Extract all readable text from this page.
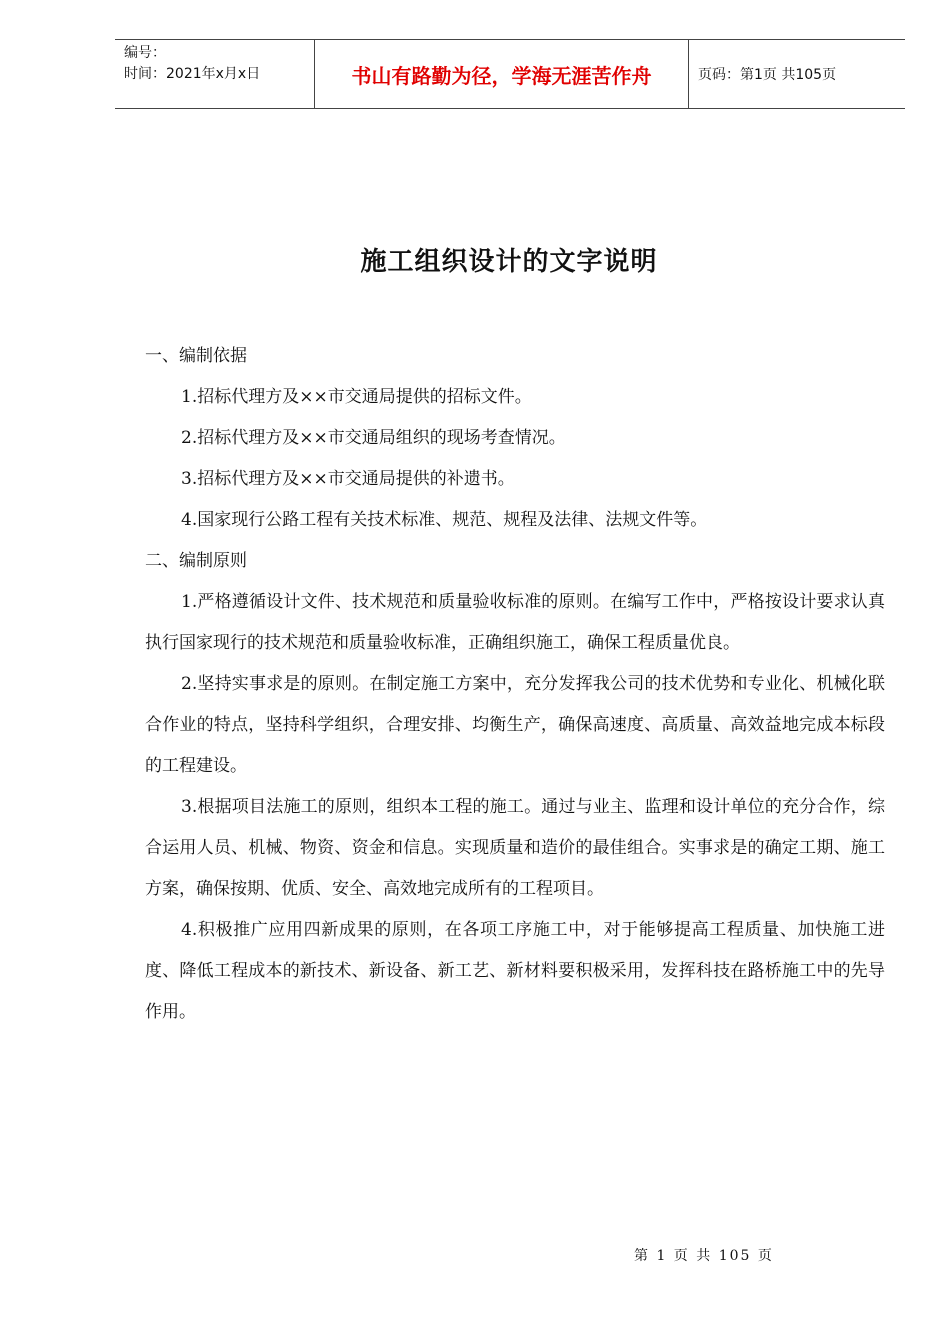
编号：
时间：2021年x月x日	书山有路勤为径，学海无涯苦作舟	页码：第1页 共105页
施工组织设计的文字说明

一、编制依据

1.招标代理方及××市交通局提供的招标文件。

2.招标代理方及××市交通局组织的现场考查情况。

3.招标代理方及××市交通局提供的补遗书。

4.国家现行公路工程有关技术标准、规范、规程及法律、法规文件等。

二、编制原则

1.严格遵循设计文件、技术规范和质量验收标准的原则。在编写工作中，严格按设计要求认真执行国家现行的技术规范和质量验收标准，正确组织施工，确保工程质量优良。

2.坚持实事求是的原则。在制定施工方案中，充分发挥我公司的技术优势和专业化、机械化联合作业的特点，坚持科学组织，合理安排、均衡生产，确保高速度、高质量、高效益地完成本标段的工程建设。

3.根据项目法施工的原则，组织本工程的施工。通过与业主、监理和设计单位的充分合作，综合运用人员、机械、物资、资金和信息。实现质量和造价的最佳组合。实事求是的确定工期、施工方案，确保按期、优质、安全、高效地完成所有的工程项目。

4.积极推广应用四新成果的原则，在各项工序施工中，对于能够提高工程质量、加快施工进度、降低工程成本的新技术、新设备、新工艺、新材料要积极采用，发挥科技在路桥施工中的先导作用。

第 1 页 共 105 页
